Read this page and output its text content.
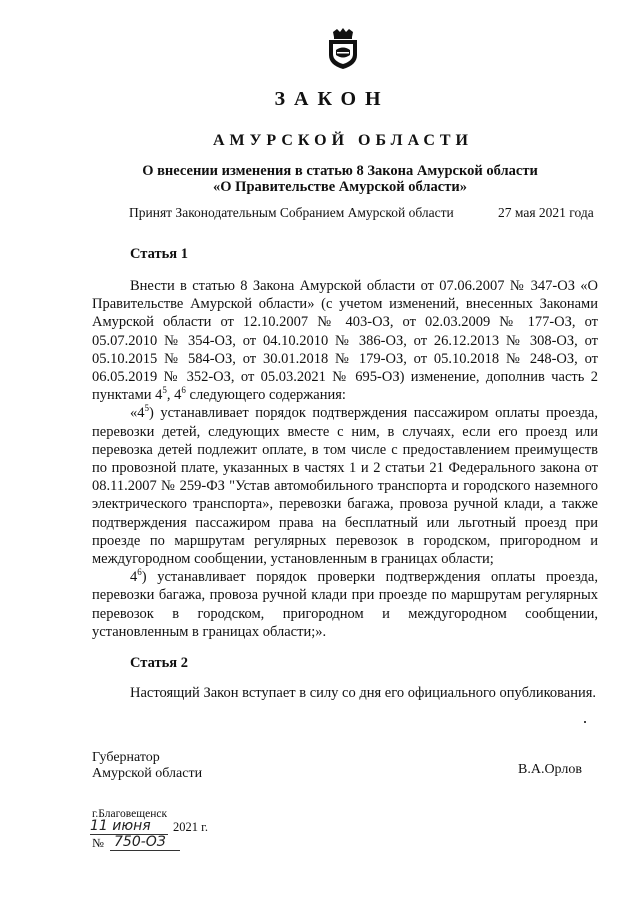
ЗАКОН
АМУРСКОЙ ОБЛАСТИ
О внесении изменения в статью 8 Закона Амурской области
«О Правительстве Амурской области»
Принят Законодательным Собранием Амурской области	27 мая 2021 года
Статья 1

Внести в статью 8 Закона Амурской области от 07.06.2007 № 347-ОЗ «О Правительстве Амурской области» (с учетом изменений, внесенных Законами Амурской области от 12.10.2007 № 403-ОЗ, от 02.03.2009 № 177-ОЗ, от 05.07.2010 № 354-ОЗ, от 04.10.2010 № 386-ОЗ, от 26.12.2013 № 308-ОЗ, от 05.10.2015 № 584-ОЗ, от 30.01.2018 № 179-ОЗ, от 05.10.2018 № 248-ОЗ, от 06.05.2019 № 352-ОЗ, от 05.03.2021 № 695-ОЗ) изменение, дополнив часть 2 пунктами $4^5$, $4^6$ следующего содержания:

«$4^5$) устанавливает порядок подтверждения пассажиром оплаты проезда, перевозки детей, следующих вместе с ним, в случаях, если его проезд или перевозка детей подлежит оплате, в том числе с предоставлением преимуществ по провозной плате, указанных в частях 1 и 2 статьи 21 Федерального закона от 08.11.2007 № 259-ФЗ "Устав автомобильного транспорта и городского наземного электрического транспорта», перевозки багажа, провоза ручной клади, а также подтверждения пассажиром права на бесплатный или льготный проезд при проезде по маршрутам регулярных перевозок в городском, пригородном и междугородном сообщении, установленным в границах области;

$4^6$) устанавливает порядок проверки подтверждения оплаты проезда, перевозки багажа, провоза ручной клади при проезде по маршрутам регулярных перевозок в городском, пригородном и междугородном сообщении, установленным в границах области;».

Статья 2

Настоящий Закон вступает в силу со дня его официального опубликования.

Губернатор
Амурской области	В.А.Орлов
г.Благовещенск
11 июня 2021 г.
№ 750-ОЗ
